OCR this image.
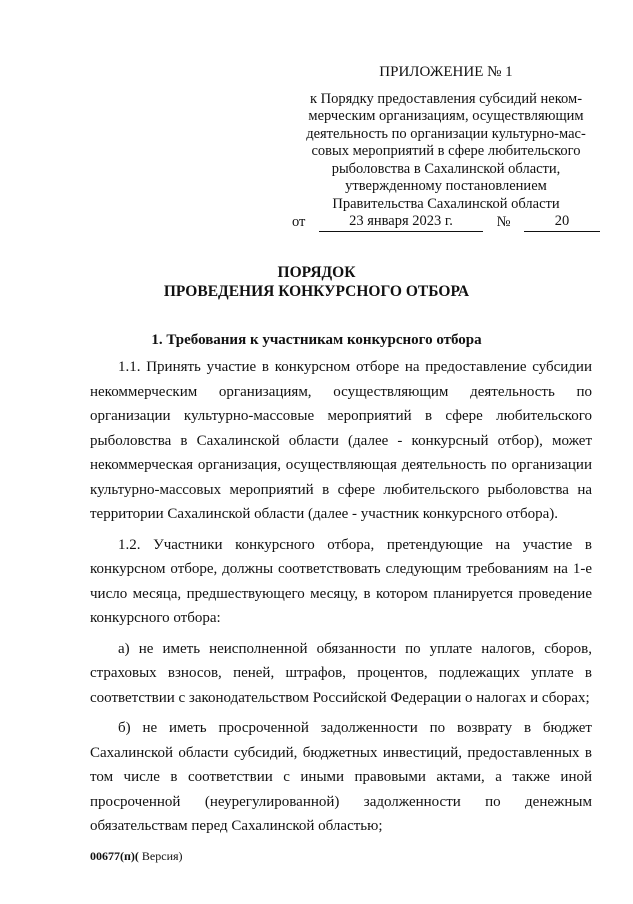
ПРИЛОЖЕНИЕ № 1
к Порядку предоставления субсидий неком-
мерческим организациям, осуществляющим
деятельность по организации культурно-мас-
совых мероприятий в сфере любительского
рыболовства в Сахалинской области,
утвержденному постановлением
Правительства Сахалинской области
от	23 января 2023 г.	№	20
ПОРЯДОК
ПРОВЕДЕНИЯ КОНКУРСНОГО ОТБОРА
1. Требования к участникам конкурсного отбора

1.1. Принять участие в конкурсном отборе на предоставление субсидии некоммерческим организациям, осуществляющим деятельность по организации культурно-массовые мероприятий в сфере любительского рыболовства в Сахалинской области (далее - конкурсный отбор), может некоммерческая организация, осуществляющая деятельность по организации культурно-массовых мероприятий в сфере любительского рыболовства на территории Сахалинской области (далее - участник конкурсного отбора).

1.2. Участники конкурсного отбора, претендующие на участие в конкурсном отборе, должны соответствовать следующим требованиям на 1-е число месяца, предшествующего месяцу, в котором планируется проведение конкурсного отбора:

а) не иметь неисполненной обязанности по уплате налогов, сборов, страховых взносов, пеней, штрафов, процентов, подлежащих уплате в соответствии с законодательством Российской Федерации о налогах и сборах;

б) не иметь просроченной задолженности по возврату в бюджет Сахалинской области субсидий, бюджетных инвестиций, предоставленных в том числе в соответствии с иными правовыми актами, а также иной просроченной (неурегулированной) задолженности по денежным обязательствам перед Сахалинской областью;

00677(п)( Версия)
